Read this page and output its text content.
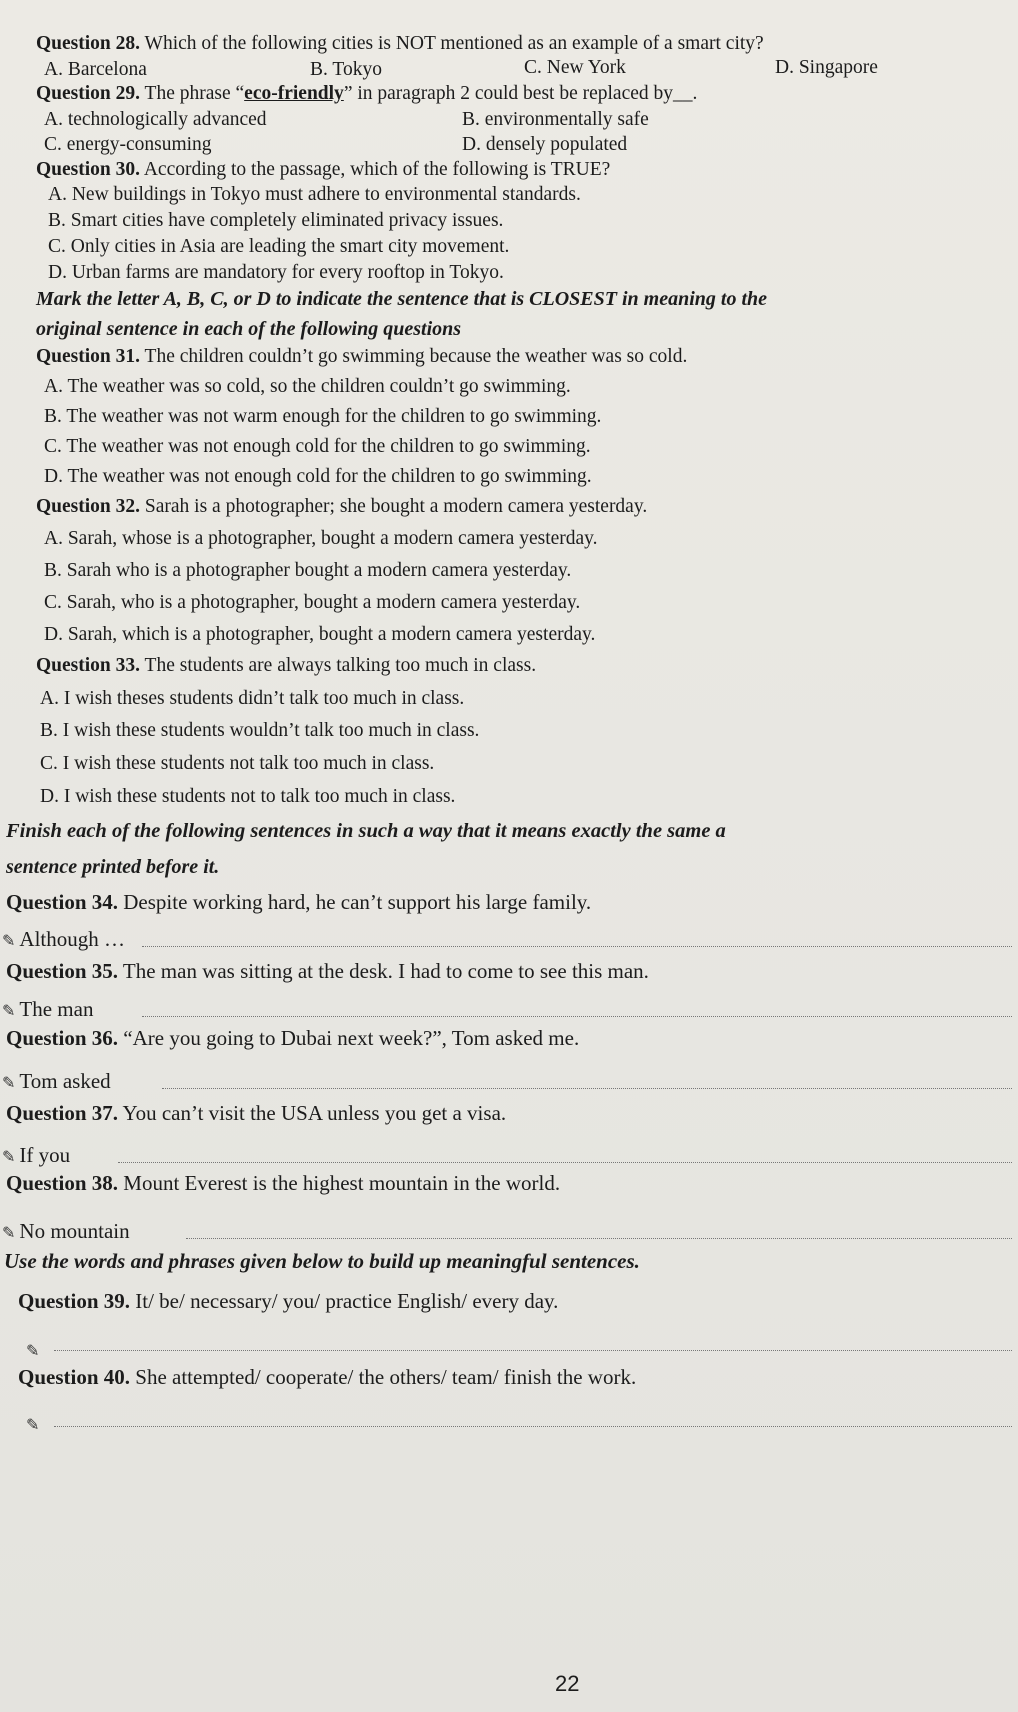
Question 28. Which of the following cities is NOT mentioned as an example of a smart city?
A. Barcelona	B. Tokyo	C. New York	D. Singapore
Question 29. The phrase “eco-friendly” in paragraph 2 could best be replaced by__.
A. technologically advanced	B. environmentally safe
C. energy-consuming	D. densely populated
Question 30. According to the passage, which of the following is TRUE?
A. New buildings in Tokyo must adhere to environmental standards.
B. Smart cities have completely eliminated privacy issues.
C. Only cities in Asia are leading the smart city movement.
D. Urban farms are mandatory for every rooftop in Tokyo.
Mark the letter A, B, C, or D to indicate the sentence that is CLOSEST in meaning to the
original sentence in each of the following questions
Question 31. The children couldn’t go swimming because the weather was so cold.
A. The weather was so cold, so the children couldn’t go swimming.
B. The weather was not warm enough for the children to go swimming.
C. The weather was not enough cold for the children to go swimming.
D. The weather was not enough cold for the children to go swimming.
Question 32. Sarah is a photographer; she bought a modern camera yesterday.
A. Sarah, whose is a photographer, bought a modern camera yesterday.
B. Sarah who is a photographer bought a modern camera yesterday.
C. Sarah, who is a photographer, bought a modern camera yesterday.
D. Sarah, which is a photographer, bought a modern camera yesterday.
Question 33. The students are always talking too much in class.
A. I wish theses students didn’t talk too much in class.
B. I wish these students wouldn’t talk too much in class.
C. I wish these students not talk too much in class.
D. I wish these students not to talk too much in class.
Finish each of the following sentences in such a way that it means exactly the same a
sentence printed before it.
Question 34. Despite working hard, he can’t support his large family.
✎ Although …
Question 35. The man was sitting at the desk. I had to come to see this man.
✎ The man
Question 36. “Are you going to Dubai next week?”, Tom asked me.
✎ Tom asked
Question 37. You can’t visit the USA unless you get a visa.
✎ If you
Question 38. Mount Everest is the highest mountain in the world.
✎ No mountain
Use the words and phrases given below to build up meaningful sentences.
Question 39. It/ be/ necessary/ you/ practice English/ every day.
✎
Question 40. She attempted/ cooperate/ the others/ team/ finish the work.
✎
22
